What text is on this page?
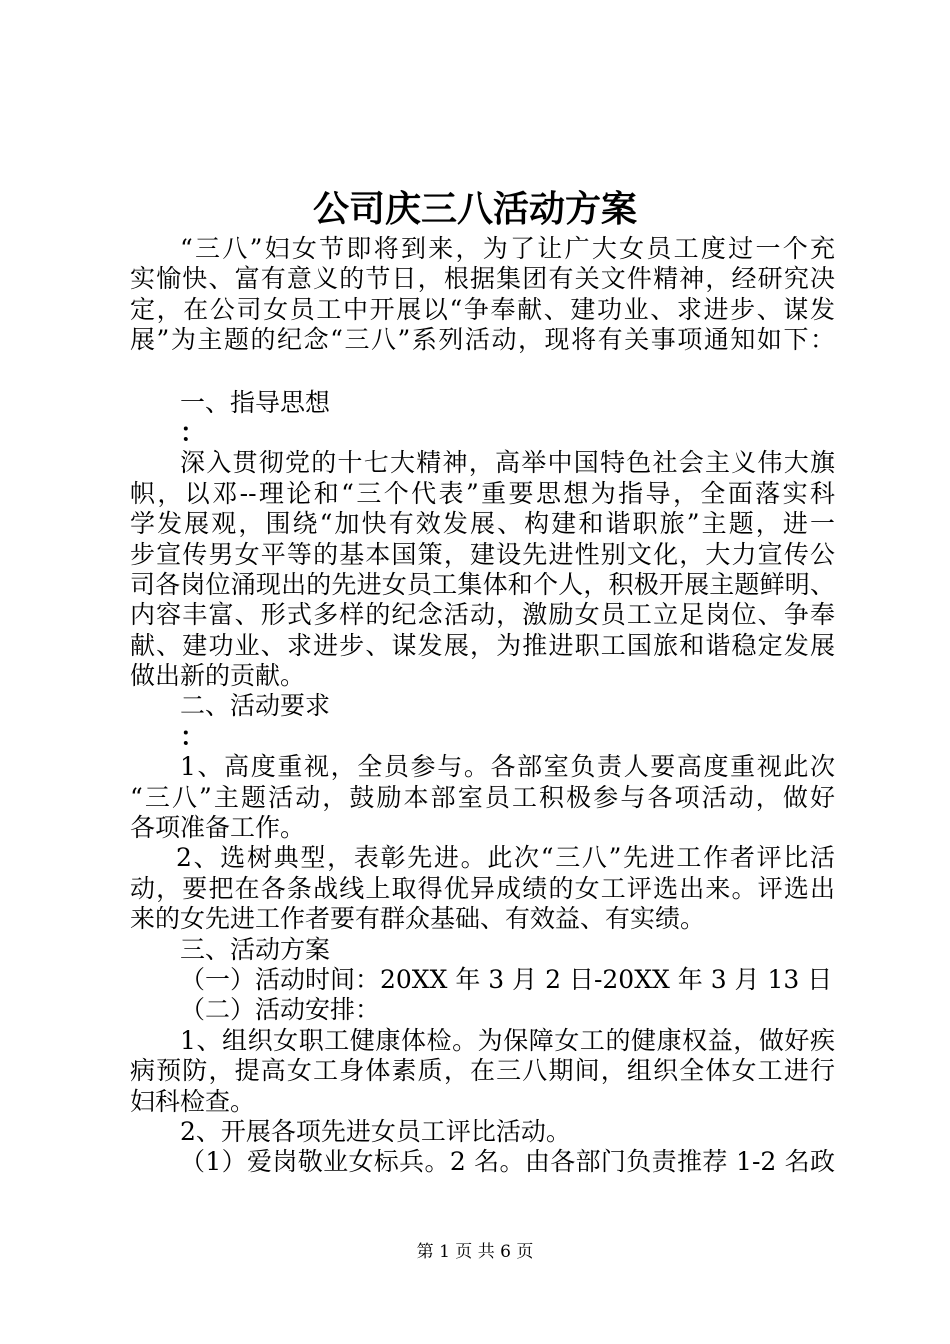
公司庆三八活动方案
“三八”妇女节即将到来，为了让广大女员工度过一个充
实愉快、富有意义的节日，根据集团有关文件精神，经研究决
定，在公司女员工中开展以“争奉献、建功业、求进步、谋发
展”为主题的纪念“三八”系列活动，现将有关事项通知如下：
一、指导思想
：
深入贯彻党的十七大精神，高举中国特色社会主义伟大旗
帜，以邓--理论和“三个代表”重要思想为指导，全面落实科
学发展观，围绕“加快有效发展、构建和谐职旅”主题，进一
步宣传男女平等的基本国策，建设先进性别文化，大力宣传公
司各岗位涌现出的先进女员工集体和个人，积极开展主题鲜明、
内容丰富、形式多样的纪念活动，激励女员工立足岗位、争奉
献、建功业、求进步、谋发展，为推进职工国旅和谐稳定发展
做出新的贡献。
二、活动要求
：
1、高度重视，全员参与。各部室负责人要高度重视此次
“三八”主题活动，鼓励本部室员工积极参与各项活动，做好
各项准备工作。
2、选树典型，表彰先进。此次“三八”先进工作者评比活
动，要把在各条战线上取得优异成绩的女工评选出来。评选出
来的女先进工作者要有群众基础、有效益、有实绩。
三、活动方案
（一）活动时间：20XX 年 3 月 2 日-20XX 年 3 月 13 日
（二）活动安排：
1、组织女职工健康体检。为保障女工的健康权益，做好疾
病预防，提高女工身体素质，在三八期间，组织全体女工进行
妇科检查。
2、开展各项先进女员工评比活动。
（1）爱岗敬业女标兵。2 名。由各部门负责推荐 1-2 名政
第 1 页 共 6 页
